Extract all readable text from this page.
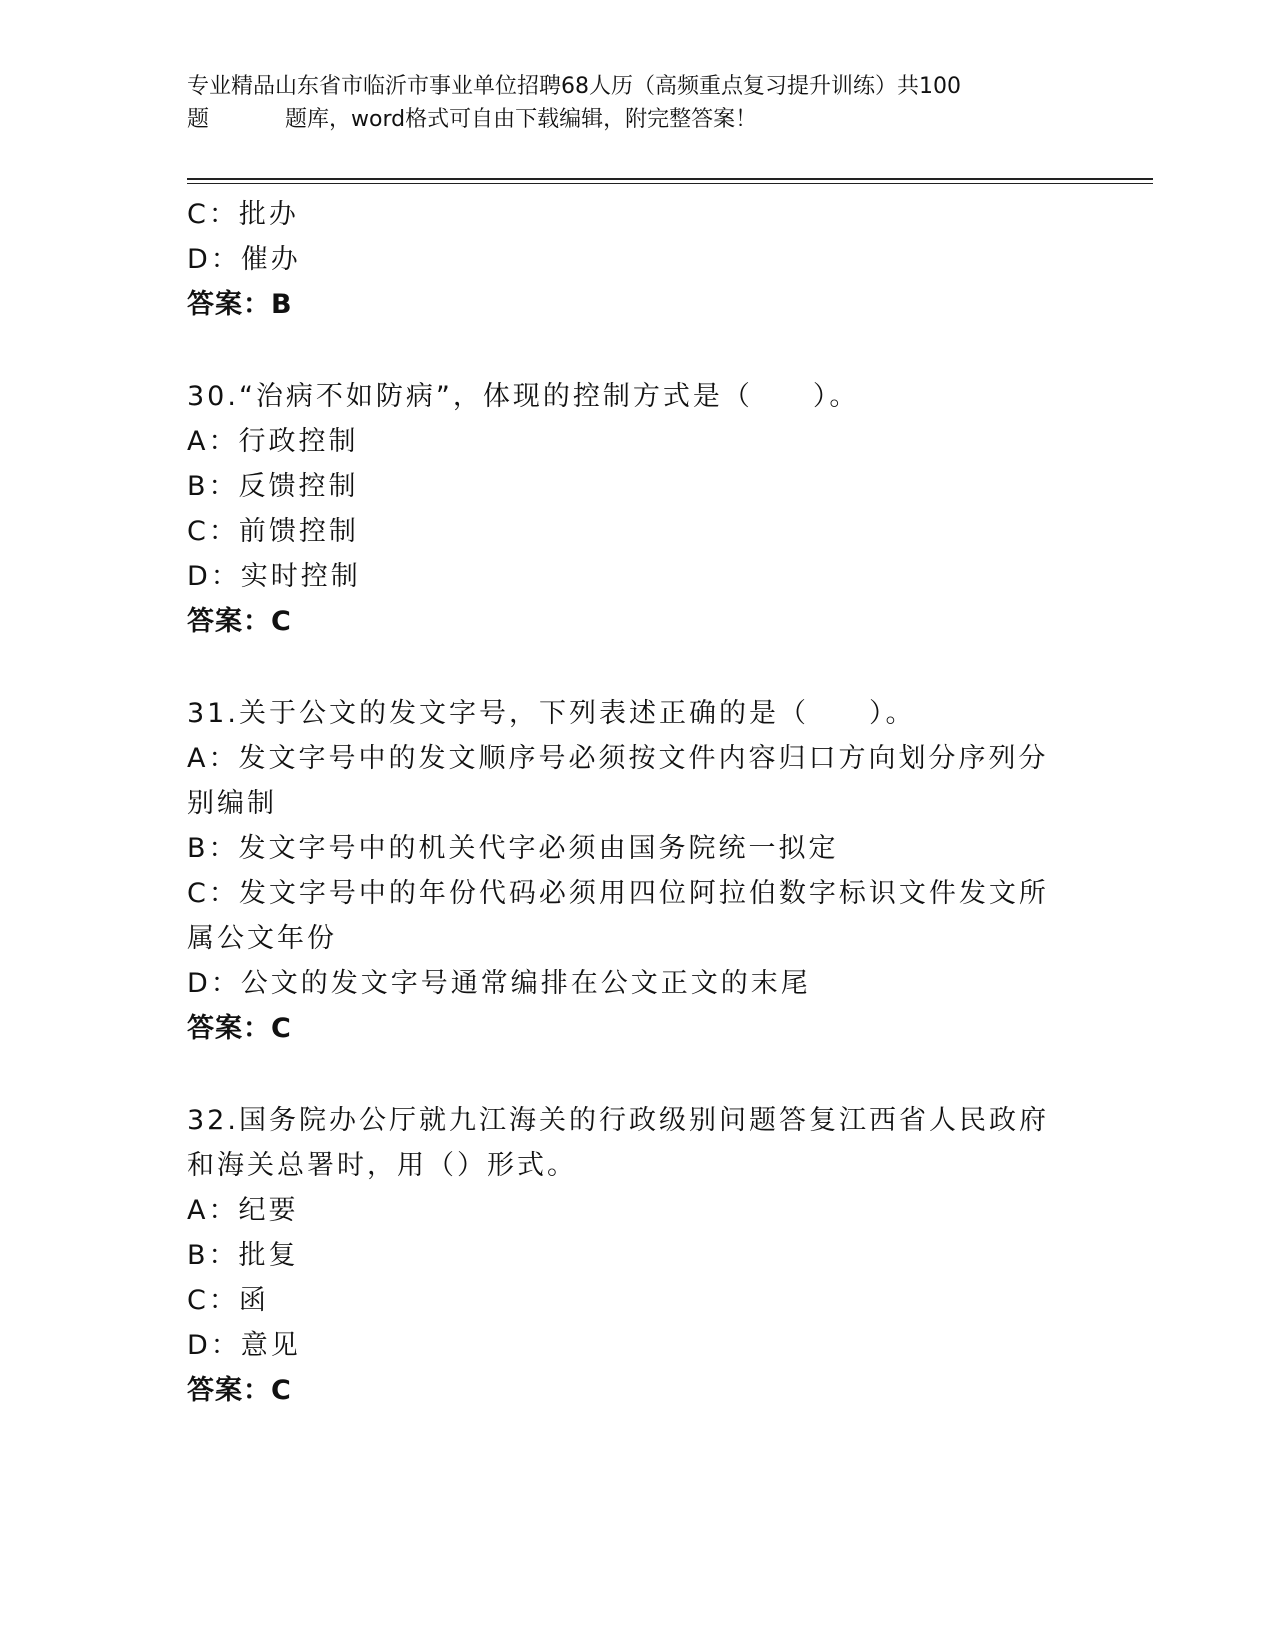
专业精品山东省市临沂市事业单位招聘68人历（高频重点复习提升训练）共100
题	题库，word格式可自由下载编辑，附完整答案！

C：批办

D：催办

答案：B

30.“治病不如防病”，体现的控制方式是（　　）。

A：行政控制

B：反馈控制

C：前馈控制

D：实时控制

答案：C

31.关于公文的发文字号，下列表述正确的是（　　）。

A：发文字号中的发文顺序号必须按文件内容归口方向划分序列分别编制

B：发文字号中的机关代字必须由国务院统一拟定

C：发文字号中的年份代码必须用四位阿拉伯数字标识文件发文所属公文年份

D：公文的发文字号通常编排在公文正文的末尾

答案：C

32.国务院办公厅就九江海关的行政级别问题答复江西省人民政府和海关总署时，用（）形式。

A：纪要

B：批复

C：函

D：意见

答案：C
